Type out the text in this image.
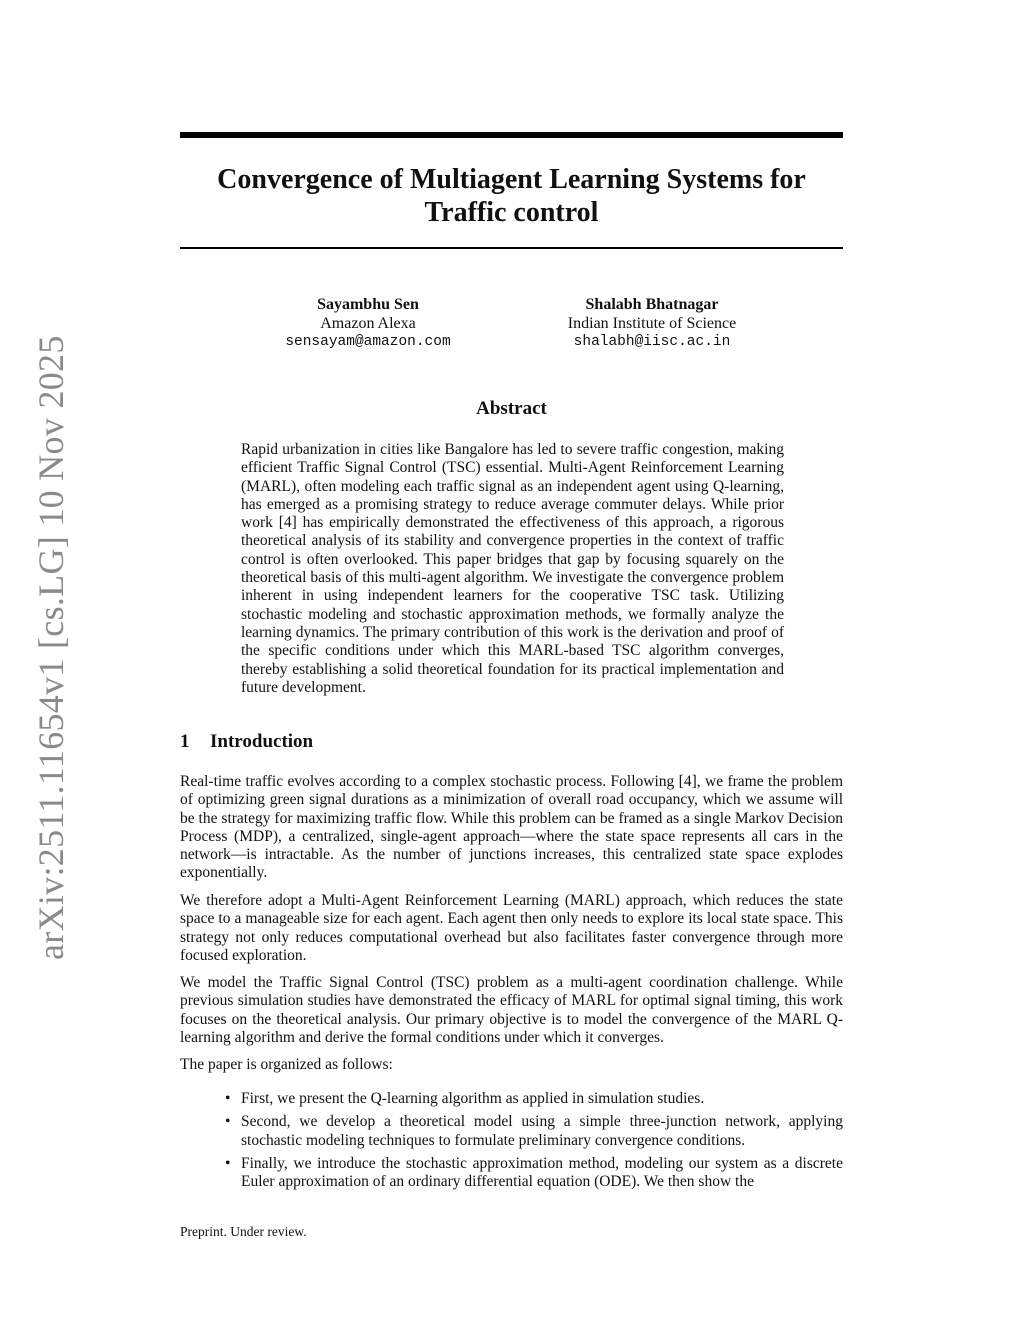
arXiv:2511.11654v1 [cs.LG] 10 Nov 2025
Convergence of Multiagent Learning Systems for
Traffic control
Sayambhu Sen
Amazon Alexa
sensayam@amazon.com
Shalabh Bhatnagar
Indian Institute of Science
shalabh@iisc.ac.in
Abstract

Rapid urbanization in cities like Bangalore has led to severe traffic congestion, making efficient Traffic Signal Control (TSC) essential. Multi-Agent Reinforcement Learning (MARL), often modeling each traffic signal as an independent agent using Q-learning, has emerged as a promising strategy to reduce average commuter delays. While prior work [4] has empirically demonstrated the effectiveness of this approach, a rigorous theoretical analysis of its stability and convergence properties in the context of traffic control is often overlooked. This paper bridges that gap by focusing squarely on the theoretical basis of this multi-agent algorithm. We investigate the convergence problem inherent in using independent learners for the cooperative TSC task. Utilizing stochastic modeling and stochastic approximation methods, we formally analyze the learning dynamics. The primary contribution of this work is the derivation and proof of the specific conditions under which this MARL-based TSC algorithm converges, thereby establishing a solid theoretical foundation for its practical implementation and future development.

1 Introduction

Real-time traffic evolves according to a complex stochastic process. Following [4], we frame the problem of optimizing green signal durations as a minimization of overall road occupancy, which we assume will be the strategy for maximizing traffic flow. While this problem can be framed as a single Markov Decision Process (MDP), a centralized, single-agent approach—where the state space represents all cars in the network—is intractable. As the number of junctions increases, this centralized state space explodes exponentially.

We therefore adopt a Multi-Agent Reinforcement Learning (MARL) approach, which reduces the state space to a manageable size for each agent. Each agent then only needs to explore its local state space. This strategy not only reduces computational overhead but also facilitates faster convergence through more focused exploration.

We model the Traffic Signal Control (TSC) problem as a multi-agent coordination challenge. While previous simulation studies have demonstrated the efficacy of MARL for optimal signal timing, this work focuses on the theoretical analysis. Our primary objective is to model the convergence of the MARL Q-learning algorithm and derive the formal conditions under which it converges.

The paper is organized as follows:

• First, we present the Q-learning algorithm as applied in simulation studies.
• Second, we develop a theoretical model using a simple three-junction network, applying stochastic modeling techniques to formulate preliminary convergence conditions.
• Finally, we introduce the stochastic approximation method, modeling our system as a discrete Euler approximation of an ordinary differential equation (ODE). We then show the
Preprint. Under review.
